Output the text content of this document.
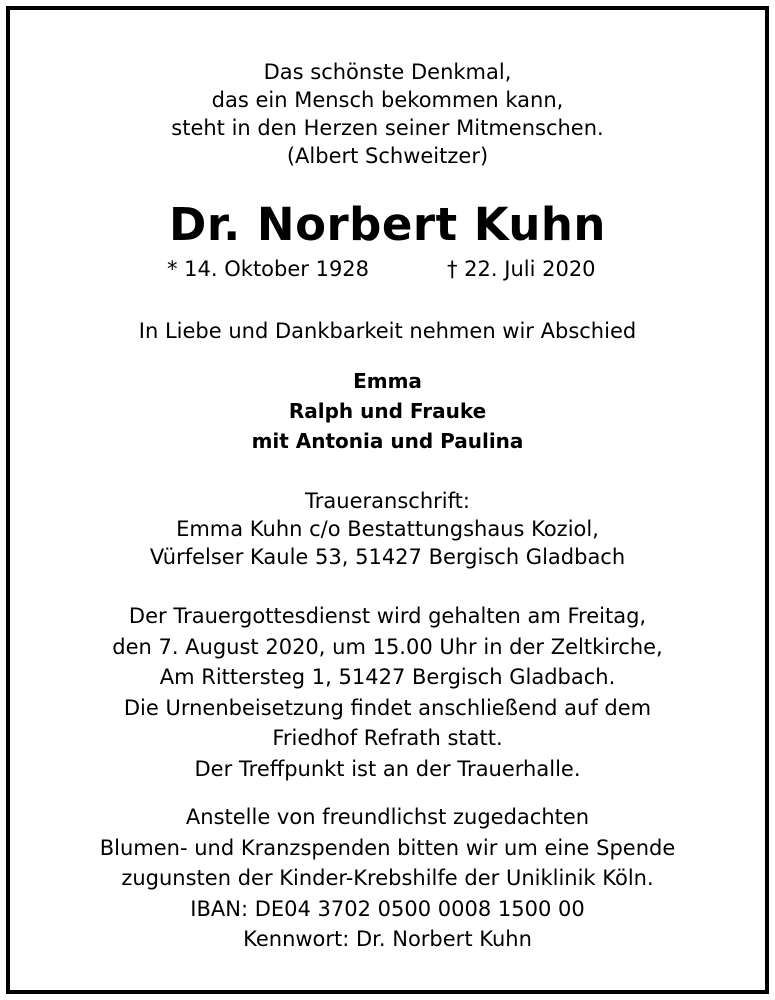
Das schönste Denkmal,
das ein Mensch bekommen kann,
steht in den Herzen seiner Mitmenschen.
(Albert Schweitzer)
Dr. Norbert Kuhn
* 14. Oktober 1928	† 22. Juli 2020
In Liebe und Dankbarkeit nehmen wir Abschied
Emma
Ralph und Frauke
mit Antonia und Paulina
Traueranschrift:
Emma Kuhn c/o Bestattungshaus Koziol,
Vürfelser Kaule 53, 51427 Bergisch Gladbach
Der Trauergottesdienst wird gehalten am Freitag,
den 7. August 2020, um 15.00 Uhr in der Zeltkirche,
Am Rittersteg 1, 51427 Bergisch Gladbach.
Die Urnenbeisetzung findet anschließend auf dem
Friedhof Refrath statt.
Der Treffpunkt ist an der Trauerhalle.
Anstelle von freundlichst zugedachten
Blumen- und Kranzspenden bitten wir um eine Spende
zugunsten der Kinder-Krebshilfe der Uniklinik Köln.
IBAN: DE04 3702 0500 0008 1500 00
Kennwort: Dr. Norbert Kuhn
